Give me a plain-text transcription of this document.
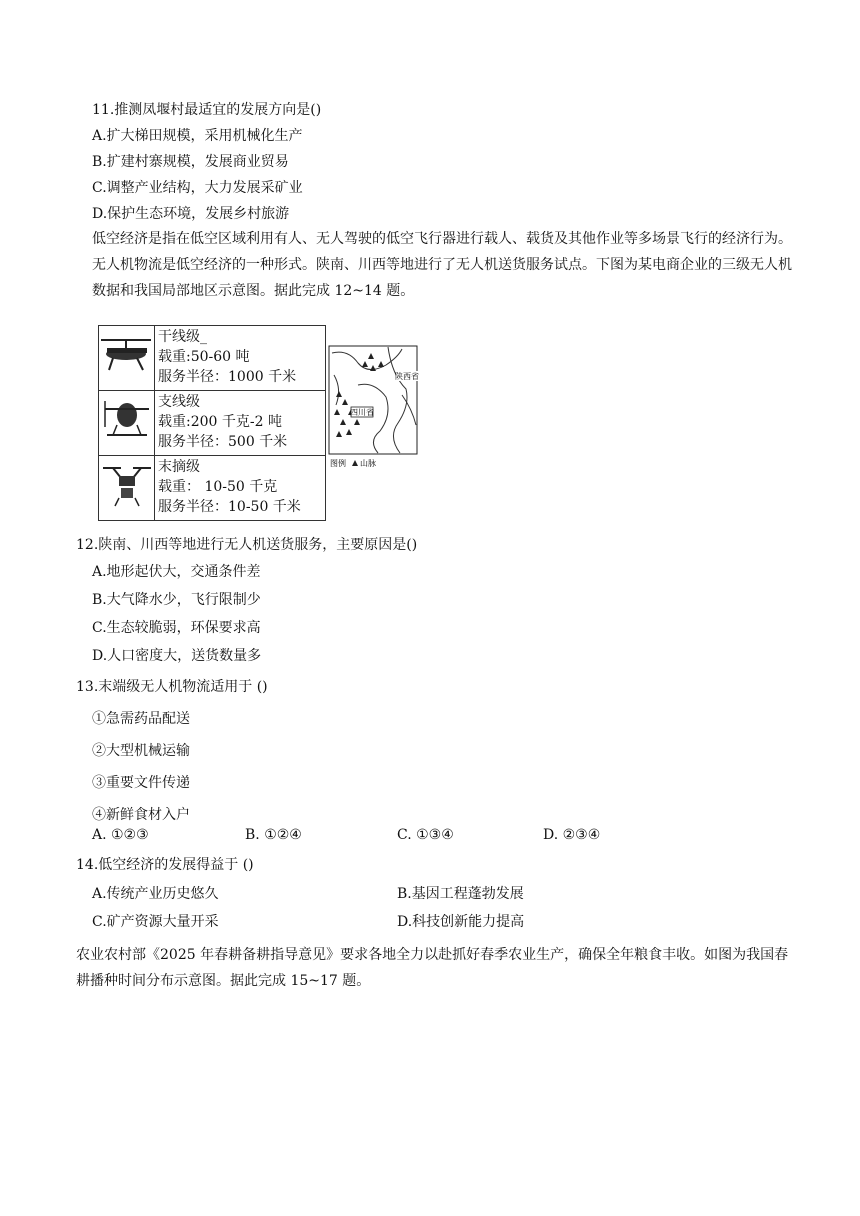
11.推测凤堰村最适宜的发展方向是()
A.扩大梯田规模，采用机械化生产
B.扩建村寨规模，发展商业贸易
C.调整产业结构，大力发展采矿业
D.保护生态环境，发展乡村旅游
低空经济是指在低空区域利用有人、无人驾驶的低空飞行器进行载人、载货及其他作业等多场景飞行的经济行为。无人机物流是低空经济的一种形式。陕南、川西等地进行了无人机送货服务试点。下图为某电商企业的三级无人机数据和我国局部地区示意图。据此完成 12~14 题。

干线级_
载重:50-60 吨
服务半径：1000 千米

支线级
载重:200 千克-2 吨
服务半径：500 千米

末摘级
载重： 10-50 千克
服务半径：10-50 千米
陕西省
四川省
图例 山脉
12.陕南、川西等地进行无人机送货服务，主要原因是()
A.地形起伏大，交通条件差
B.大气降水少，飞行限制少
C.生态较脆弱，环保要求高
D.人口密度大，送货数量多
13.末端级无人机物流适用于 ()
①急需药品配送
②大型机械运输
③重要文件传递
④新鲜食材入户
A. ①②③	B. ①②④	C. ①③④	D. ②③④
14.低空经济的发展得益于 ()
A.传统产业历史悠久	B.基因工程蓬勃发展
C.矿产资源大量开采	D.科技创新能力提高
农业农村部《2025 年春耕备耕指导意见》要求各地全力以赴抓好春季农业生产，确保全年粮食丰收。如图为我国春耕播种时间分布示意图。据此完成 15~17 题。
